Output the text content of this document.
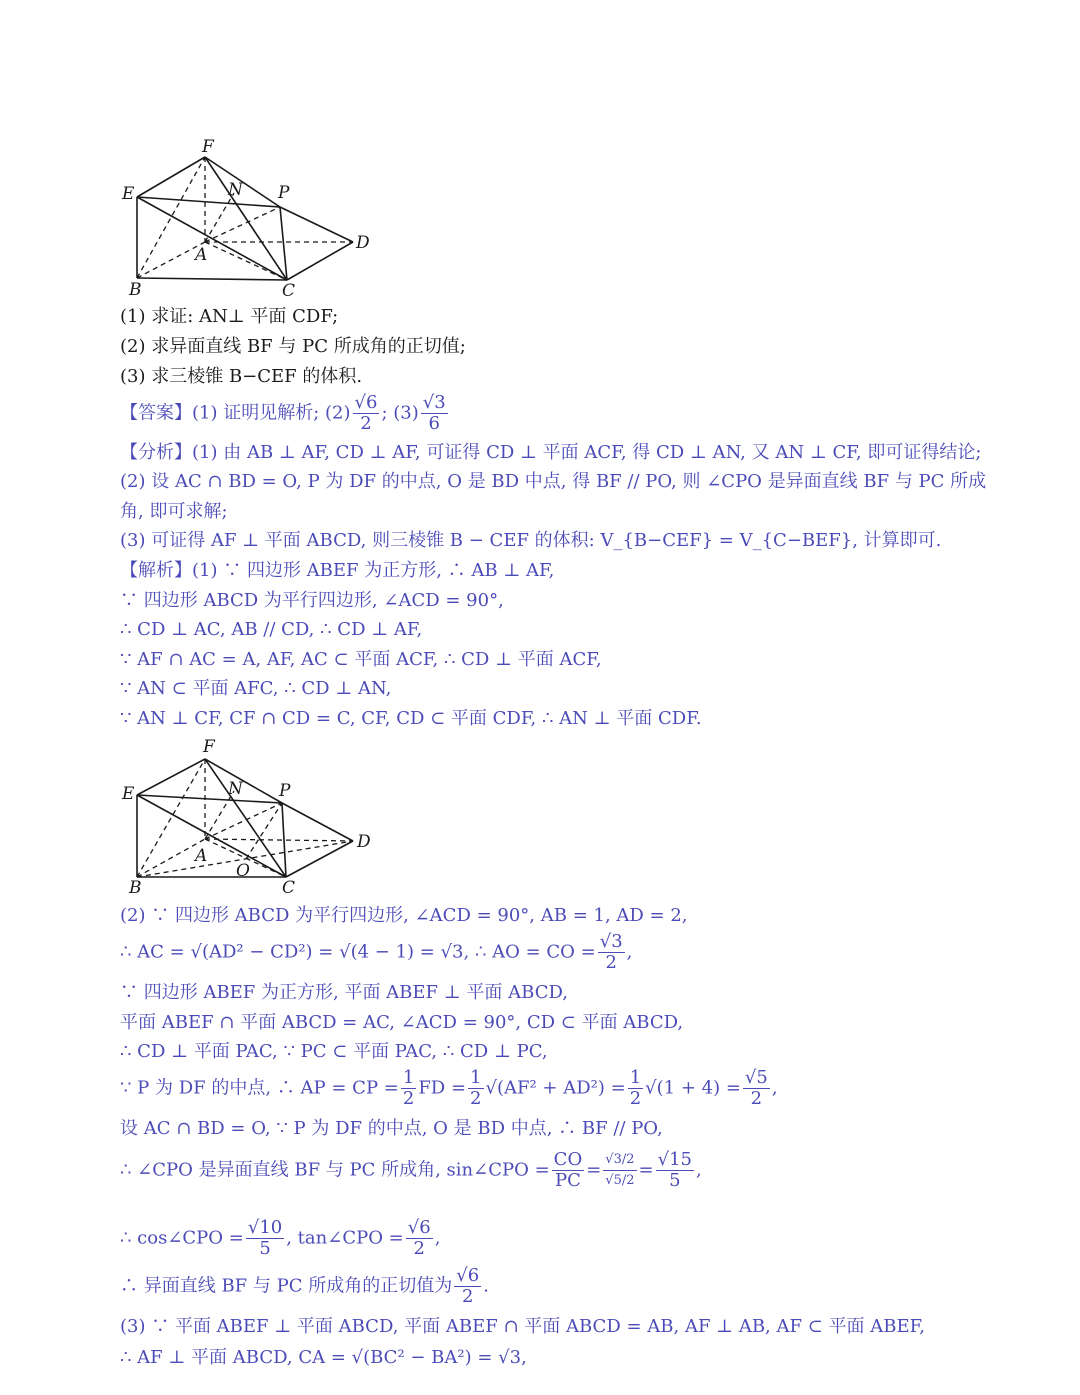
F
E	N P
A
D
B	C
(1) 求证: AN⊥ 平面 CDF;
(2) 求异面直线 BF 与 PC 所成角的正切值;
(3) 求三棱锥 B−CEF 的体积.
【答案】(1) 证明见解析; $(2) \frac{√6}{2}$ ; $(3) \frac{√3}{6}$
【分析】(1) 由 AB ⊥ AF, CD ⊥ AF, 可证得 CD ⊥ 平面 ACF, 得 CD ⊥ AN, 又 AN ⊥ CF, 即可证得结论;
(2) 设 AC ∩ BD = O, P 为 DF 的中点, O 是 BD 中点, 得 BF // PO, 则 ∠CPO 是异面直线 BF 与 PC 所成
角, 即可求解;
(3) 可证得 AF ⊥ 平面 ABCD, 则三棱锥 B − CEF 的体积: V_{B−CEF} = V_{C−BEF}, 计算即可.
【解析】(1) ∵ 四边形 ABEF 为正方形, ∴ AB ⊥ AF,
∵ 四边形 ABCD 为平行四边形, ∠ACD = 90°,
∴ CD ⊥ AC, AB // CD, ∴ CD ⊥ AF,
∵ AF ∩ AC = A, AF, AC ⊂ 平面 ACF, ∴ CD ⊥ 平面 ACF,
∵ AN ⊂ 平面 AFC, ∴ CD ⊥ AN,
∵ AN ⊥ CF, CF ∩ CD = C, CF, CD ⊂ 平面 CDF, ∴ AN ⊥ 平面 CDF.
F
E	N P
A
D
O
B	C
(2) ∵ 四边形 ABCD 为平行四边形, ∠ACD = 90°, AB = 1, AD = 2,
∴ AC = √(AD² − CD²) = √(4 − 1) = √3, ∴ AO = CO = $\frac{√3}{2}$ ,
∵ 四边形 ABEF 为正方形, 平面 ABEF ⊥ 平面 ABCD,
平面 ABEF ∩ 平面 ABCD = AC, ∠ACD = 90°, CD ⊂ 平面 ABCD,
∴ CD ⊥ 平面 PAC, ∵ PC ⊂ 平面 PAC, ∴ CD ⊥ PC,
∵ P 为 DF 的中点, ∴ AP = CP = $\frac{1}{2}$ FD = $\frac{1}{2} √(AF^2 + AD^2) = \frac{1}{2} √(1 + 4) = \frac{√5}{2}$ ,
设 AC ∩ BD = O, ∵ P 为 DF 的中点, O 是 BD 中点, ∴ BF // PO,
∴ ∠CPO 是异面直线 BF 与 PC 所成角, sin∠CPO = $\frac{CO}{PC} = \frac{√3/2}{√5/2} = \frac{√15}{5}$ ,
∴ cos∠CPO = $\frac{√10}{5}$ , tan∠CPO = $\frac{√6}{2}$ ,
∴ 异面直线 BF 与 PC 所成角的正切值为 $\frac{√6}{2}$ .
(3) ∵ 平面 ABEF ⊥ 平面 ABCD, 平面 ABEF ∩ 平面 ABCD = AB, AF ⊥ AB, AF ⊂ 平面 ABEF,
∴ AF ⊥ 平面 ABCD, CA = √(BC² − BA²) = √3,
